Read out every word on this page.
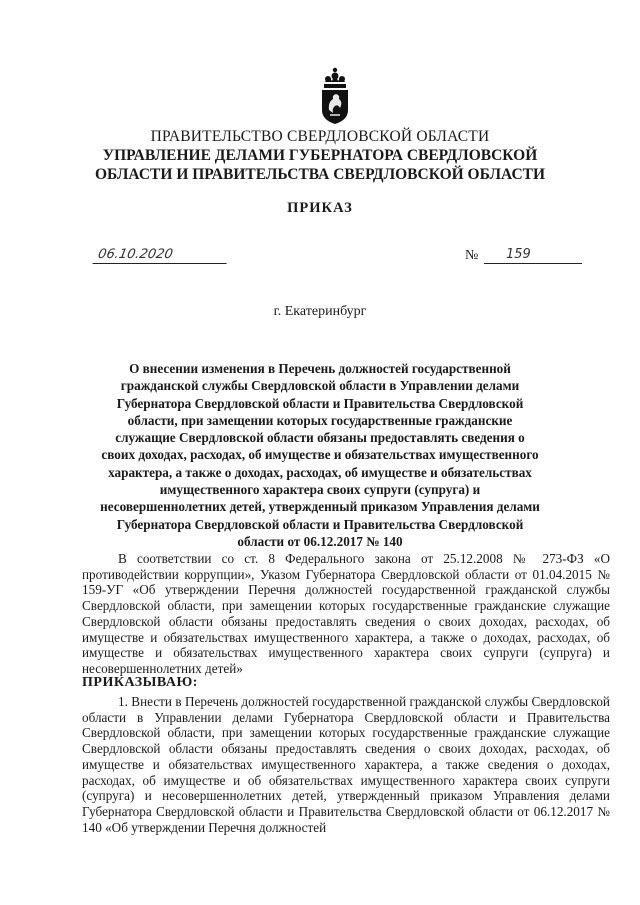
ПРАВИТЕЛЬСТВО СВЕРДЛОВСКОЙ ОБЛАСТИ
УПРАВЛЕНИЕ ДЕЛАМИ ГУБЕРНАТОРА СВЕРДЛОВСКОЙ
ОБЛАСТИ И ПРАВИТЕЛЬСТВА СВЕРДЛОВСКОЙ ОБЛАСТИ
ПРИКАЗ
06.10.2020	№	159
г. Екатеринбург
О внесении изменения в Перечень должностей государственной гражданской службы Свердловской области в Управлении делами Губернатора Свердловской области и Правительства Свердловской области, при замещении которых государственные гражданские служащие Свердловской области обязаны предоставлять сведения о своих доходах, расходах, об имуществе и обязательствах имущественного характера, а также о доходах, расходах, об имуществе и обязательствах имущественного характера своих супруги (супруга) и несовершеннолетних детей, утвержденный приказом Управления делами Губернатора Свердловской области и Правительства Свердловской области от 06.12.2017 № 140
В соответствии со ст. 8 Федерального закона от 25.12.2008 № 273-ФЗ «О противодействии коррупции», Указом Губернатора Свердловской области от 01.04.2015 № 159-УГ «Об утверждении Перечня должностей государственной гражданской службы Свердловской области, при замещении которых государственные гражданские служащие Свердловской области обязаны предоставлять сведения о своих доходах, расходах, об имуществе и обязательствах имущественного характера, а также о доходах, расходах, об имуществе и обязательствах имущественного характера своих супруги (супруга) и несовершеннолетних детей»
ПРИКАЗЫВАЮ:
1. Внести в Перечень должностей государственной гражданской службы Свердловской области в Управлении делами Губернатора Свердловской области и Правительства Свердловской области, при замещении которых государственные гражданские служащие Свердловской области обязаны предоставлять сведения о своих доходах, расходах, об имуществе и обязательствах имущественного характера, а также сведения о доходах, расходах, об имуществе и об обязательствах имущественного характера своих супруги (супруга) и несовершеннолетних детей, утвержденный приказом Управления делами Губернатора Свердловской области и Правительства Свердловской области от 06.12.2017 № 140 «Об утверждении Перечня должностей
